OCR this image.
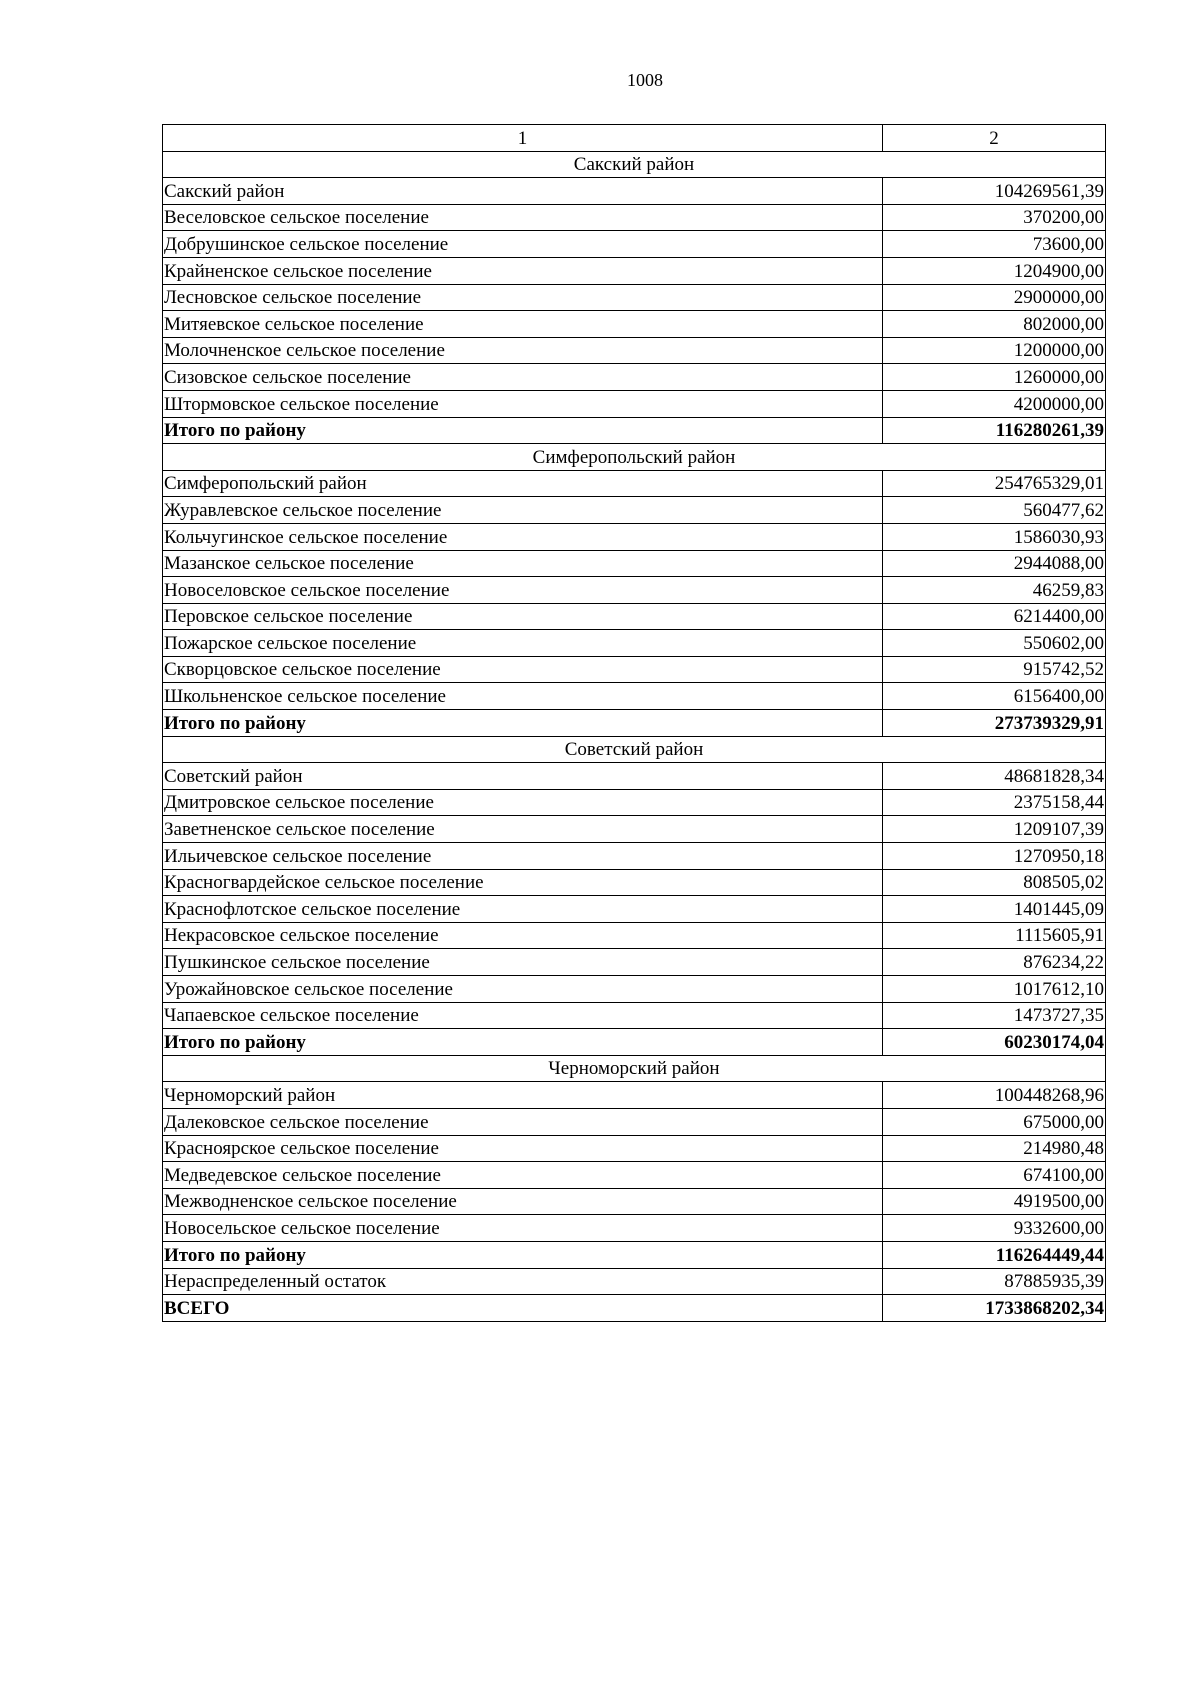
1008
1	2
Сакский район	
Сакский район	104269561,39
Веселовское сельское поселение	370200,00
Добрушинское сельское поселение	73600,00
Крайненское сельское поселение	1204900,00
Лесновское сельское поселение	2900000,00
Митяевское сельское поселение	802000,00
Молочненское сельское поселение	1200000,00
Сизовское сельское поселение	1260000,00
Штормовское сельское поселение	4200000,00
Итого по району	116280261,39
Симферопольский район	
Симферопольский район	254765329,01
Журавлевское сельское поселение	560477,62
Кольчугинское сельское поселение	1586030,93
Мазанское сельское поселение	2944088,00
Новоселовское сельское поселение	46259,83
Перовское сельское поселение	6214400,00
Пожарское сельское поселение	550602,00
Скворцовское сельское поселение	915742,52
Школьненское сельское поселение	6156400,00
Итого по району	273739329,91
Советский район	
Советский район	48681828,34
Дмитровское сельское поселение	2375158,44
Заветненское сельское поселение	1209107,39
Ильичевское сельское поселение	1270950,18
Красногвардейское сельское поселение	808505,02
Краснофлотское сельское поселение	1401445,09
Некрасовское сельское поселение	1115605,91
Пушкинское сельское поселение	876234,22
Урожайновское сельское поселение	1017612,10
Чапаевское сельское поселение	1473727,35
Итого по району	60230174,04
Черноморский район	
Черноморский район	100448268,96
Далековское сельское поселение	675000,00
Красноярское сельское поселение	214980,48
Медведевское сельское поселение	674100,00
Межводненское сельское поселение	4919500,00
Новосельское сельское поселение	9332600,00
Итого по району	116264449,44
Нераспределенный остаток	87885935,39
ВСЕГО	1733868202,34
